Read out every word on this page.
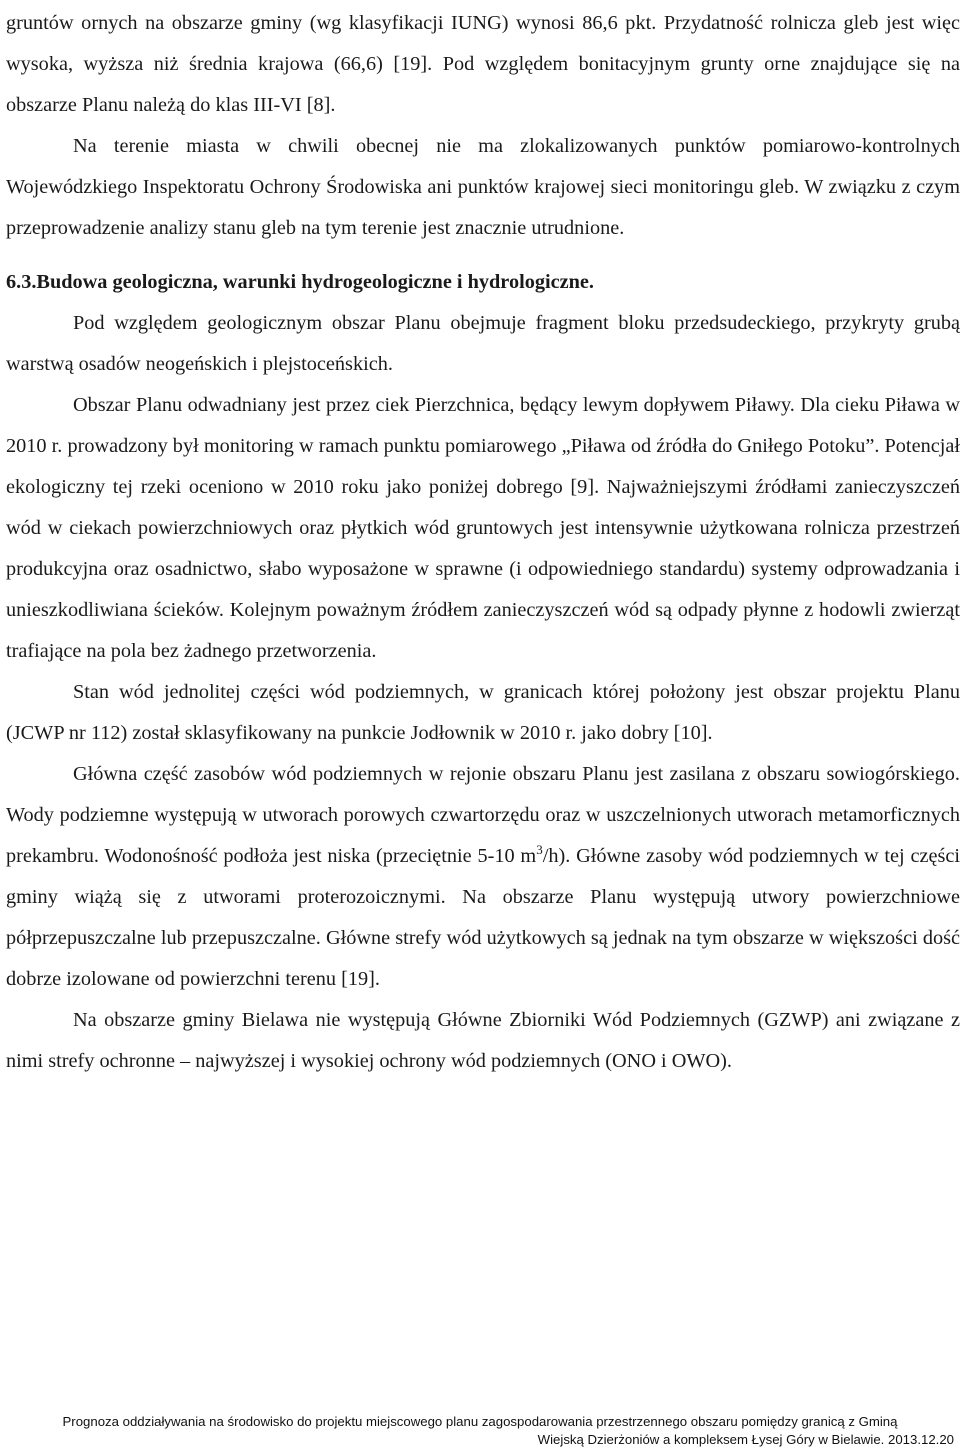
gruntów ornych na obszarze gminy (wg klasyfikacji IUNG) wynosi 86,6 pkt. Przydatność rolnicza gleb jest więc wysoka, wyższa niż średnia krajowa (66,6) [19]. Pod względem bonitacyjnym grunty orne znajdujące się na obszarze Planu należą do klas III-VI [8].

Na terenie miasta w chwili obecnej nie ma zlokalizowanych punktów pomiarowo-kontrolnych Wojewódzkiego Inspektoratu Ochrony Środowiska ani punktów krajowej sieci monitoringu gleb. W związku z czym przeprowadzenie analizy stanu gleb na tym terenie jest znacznie utrudnione.

6.3.Budowa geologiczna, warunki hydrogeologiczne i hydrologiczne.

Pod względem geologicznym obszar Planu obejmuje fragment bloku przedsudeckiego, przykryty grubą warstwą osadów neogeńskich i plejstoceńskich.

Obszar Planu odwadniany jest przez ciek Pierzchnica, będący lewym dopływem Piławy. Dla cieku Piława w 2010 r. prowadzony był monitoring w ramach punktu pomiarowego „Piława od źródła do Gniłego Potoku”. Potencjał ekologiczny tej rzeki oceniono w 2010 roku jako poniżej dobrego [9]. Najważniejszymi źródłami zanieczyszczeń wód w ciekach powierzchniowych oraz płytkich wód gruntowych jest intensywnie użytkowana rolnicza przestrzeń produkcyjna oraz osadnictwo, słabo wyposażone w sprawne (i odpowiedniego standardu) systemy odprowadzania i unieszkodliwiana ścieków. Kolejnym poważnym źródłem zanieczyszczeń wód są odpady płynne z hodowli zwierząt trafiające na pola bez żadnego przetworzenia.

Stan wód jednolitej części wód podziemnych, w granicach której położony jest obszar projektu Planu (JCWP nr 112) został sklasyfikowany na punkcie Jodłownik w 2010 r. jako dobry [10].

Główna część zasobów wód podziemnych w rejonie obszaru Planu jest zasilana z obszaru sowiogórskiego. Wody podziemne występują w utworach porowych czwartorzędu oraz w uszczelnionych utworach metamorficznych prekambru. Wodonośność podłoża jest niska (przeciętnie 5-10 $m^3/h$). Główne zasoby wód podziemnych w tej części gminy wiążą się z utworami proterozoicznymi. Na obszarze Planu występują utwory powierzchniowe półprzepuszczalne lub przepuszczalne. Główne strefy wód użytkowych są jednak na tym obszarze w większości dość dobrze izolowane od powierzchni terenu [19].

Na obszarze gminy Bielawa nie występują Główne Zbiorniki Wód Podziemnych (GZWP) ani związane z nimi strefy ochronne – najwyższej i wysokiej ochrony wód podziemnych (ONO i OWO).

Prognoza oddziaływania na środowisko do projektu miejscowego planu zagospodarowania przestrzennego obszaru pomiędzy granicą z Gminą
Wiejską Dzierżoniów a kompleksem Łysej Góry w Bielawie. 2013.12.20
